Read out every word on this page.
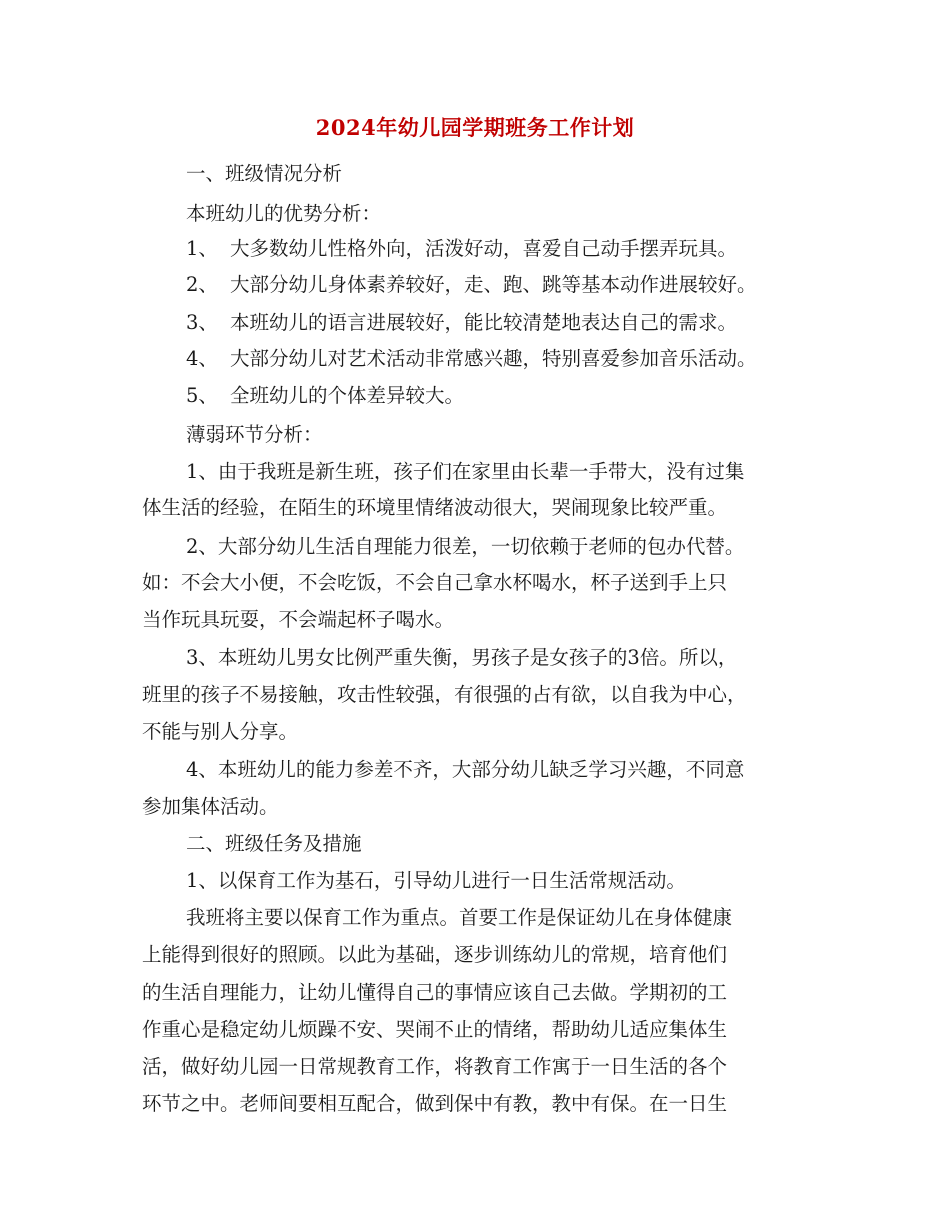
2024年幼儿园学期班务工作计划
一、班级情况分析
本班幼儿的优势分析：
1、 大多数幼儿性格外向，活泼好动，喜爱自己动手摆弄玩具。
2、 大部分幼儿身体素养较好，走、跑、跳等基本动作进展较好。
3、 本班幼儿的语言进展较好，能比较清楚地表达自己的需求。
4、 大部分幼儿对艺术活动非常感兴趣，特别喜爱参加音乐活动。
5、 全班幼儿的个体差异较大。
薄弱环节分析：
1、由于我班是新生班，孩子们在家里由长辈一手带大，没有过集
体生活的经验，在陌生的环境里情绪波动很大，哭闹现象比较严重。
2、大部分幼儿生活自理能力很差，一切依赖于老师的包办代替。
如：不会大小便，不会吃饭，不会自己拿水杯喝水，杯子送到手上只
当作玩具玩耍，不会端起杯子喝水。
3、本班幼儿男女比例严重失衡，男孩子是女孩子的3倍。所以，
班里的孩子不易接触，攻击性较强，有很强的占有欲，以自我为中心，
不能与别人分享。
4、本班幼儿的能力参差不齐，大部分幼儿缺乏学习兴趣，不同意
参加集体活动。
二、班级任务及措施
1、以保育工作为基石，引导幼儿进行一日生活常规活动。
我班将主要以保育工作为重点。首要工作是保证幼儿在身体健康
上能得到很好的照顾。以此为基础，逐步训练幼儿的常规，培育他们
的生活自理能力，让幼儿懂得自己的事情应该自己去做。学期初的工
作重心是稳定幼儿烦躁不安、哭闹不止的情绪，帮助幼儿适应集体生
活，做好幼儿园一日常规教育工作，将教育工作寓于一日生活的各个
环节之中。老师间要相互配合，做到保中有教，教中有保。在一日生
